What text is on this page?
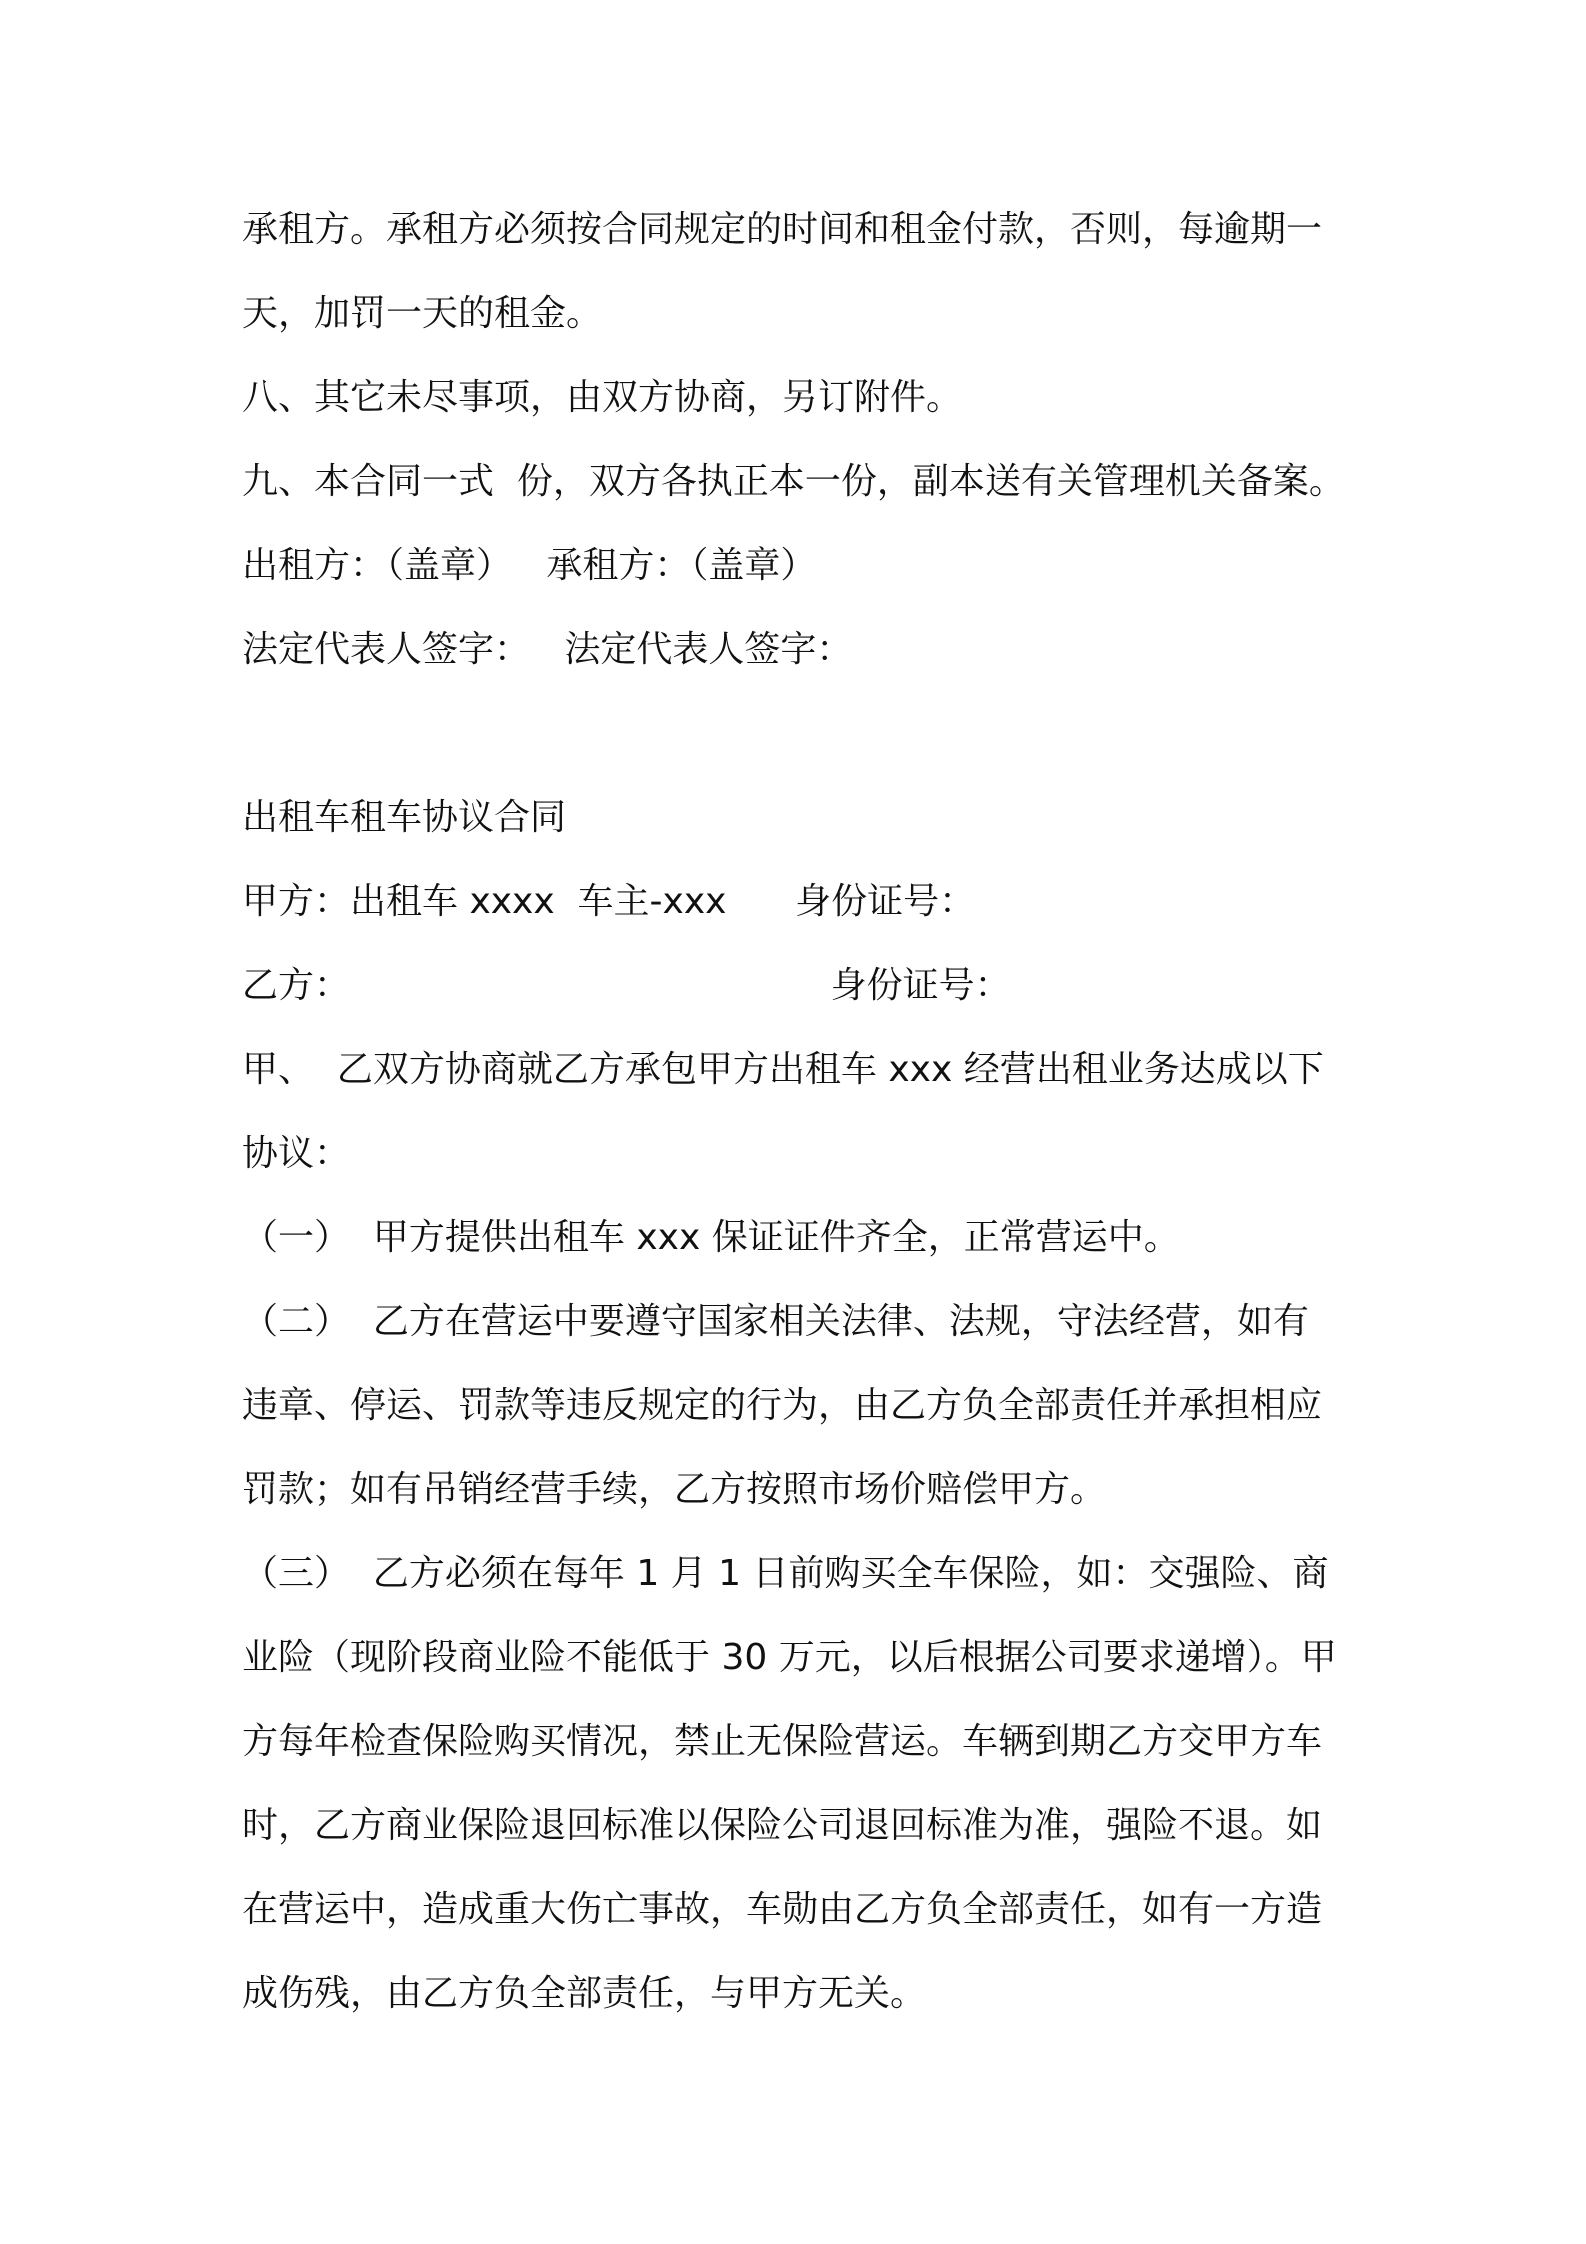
承租方。承租方必须按合同规定的时间和租金付款，否则，每逾期一

天，加罚一天的租金。

八、其它未尽事项，由双方协商，另订附件。

九、本合同一式  份，双方各执正本一份，副本送有关管理机关备案。

出租方：（盖章）   承租方：（盖章）

法定代表人签字：   法定代表人签字：

出租车租车协议合同

甲方：出租车 xxxx  车主-xxx      身份证号：

乙方：                                          身份证号：

甲、  乙双方协商就乙方承包甲方出租车 xxx 经营出租业务达成以下

协议：

（一）  甲方提供出租车 xxx 保证证件齐全，正常营运中。

（二）  乙方在营运中要遵守国家相关法律、法规，守法经营，如有

违章、停运、罚款等违反规定的行为，由乙方负全部责任并承担相应

罚款；如有吊销经营手续，乙方按照市场价赔偿甲方。

（三）  乙方必须在每年 1 月 1 日前购买全车保险，如：交强险、商

业险（现阶段商业险不能低于 30 万元，以后根据公司要求递增）。甲

方每年检查保险购买情况，禁止无保险营运。车辆到期乙方交甲方车

时，乙方商业保险退回标准以保险公司退回标准为准，强险不退。如

在营运中，造成重大伤亡事故，车勋由乙方负全部责任，如有一方造

成伤残，由乙方负全部责任，与甲方无关。
